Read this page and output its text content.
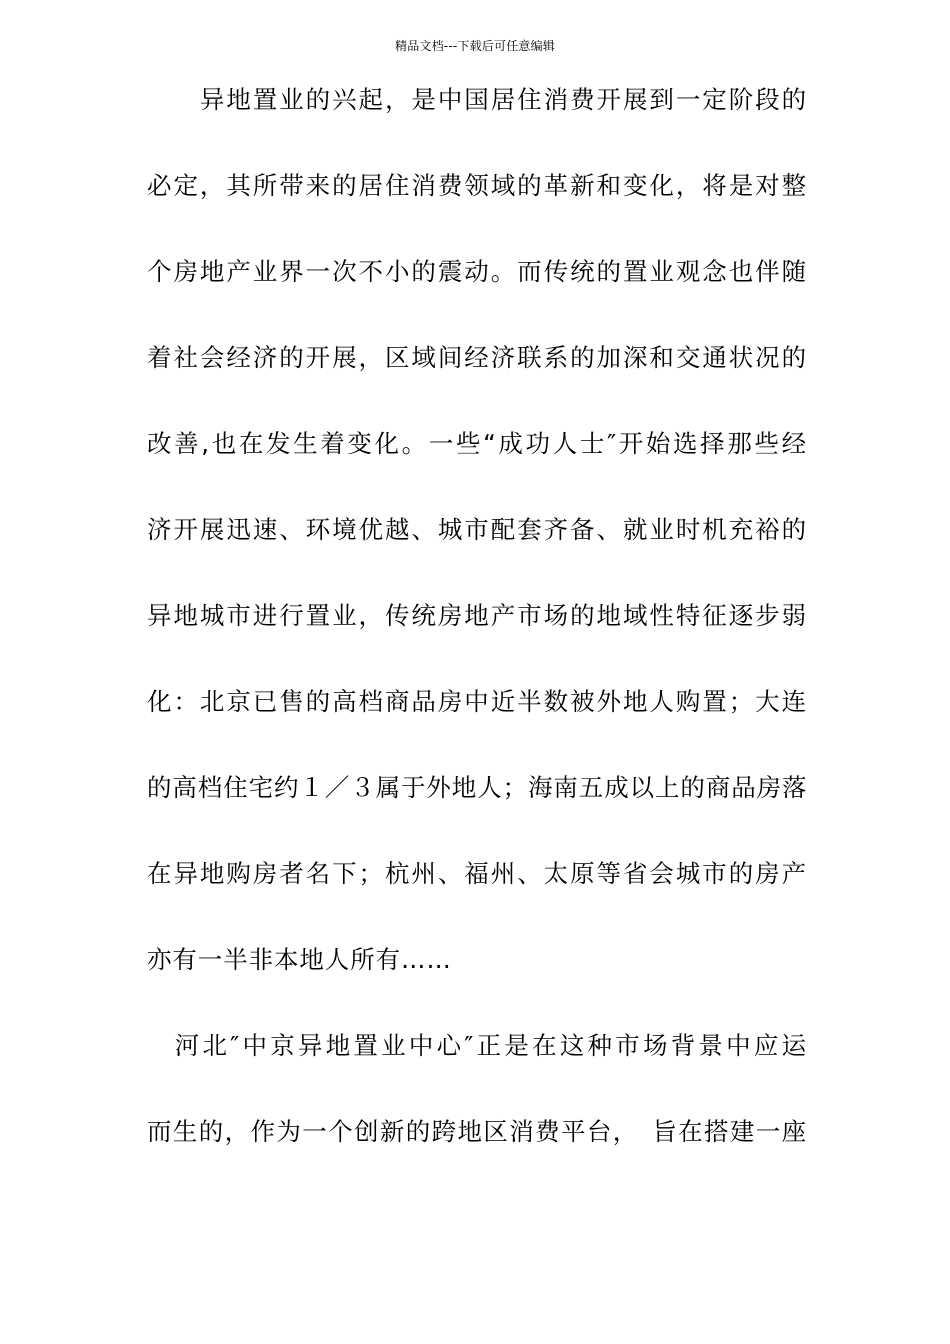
精品文档---下载后可任意编辑
　　异地置业的兴起，是中国居住消费开展到一定阶段的
必定，其所带来的居住消费领域的革新和变化，将是对整
个房地产业界一次不小的震动。而传统的置业观念也伴随
着社会经济的开展，区域间经济联系的加深和交通状况的
改善,也在发生着变化。一些“成功人士″开始选择那些经
济开展迅速、环境优越、城市配套齐备、就业时机充裕的
异地城市进行置业，传统房地产市场的地域性特征逐步弱
化：北京已售的高档商品房中近半数被外地人购置；大连
的高档住宅约１／３属于外地人；海南五成以上的商品房落
在异地购房者名下；杭州、福州、太原等省会城市的房产
亦有一半非本地人所有……
　河北″中京异地置业中心″正是在这种市场背景中应运
而生的，作为一个创新的跨地区消费平台，　旨在搭建一座
